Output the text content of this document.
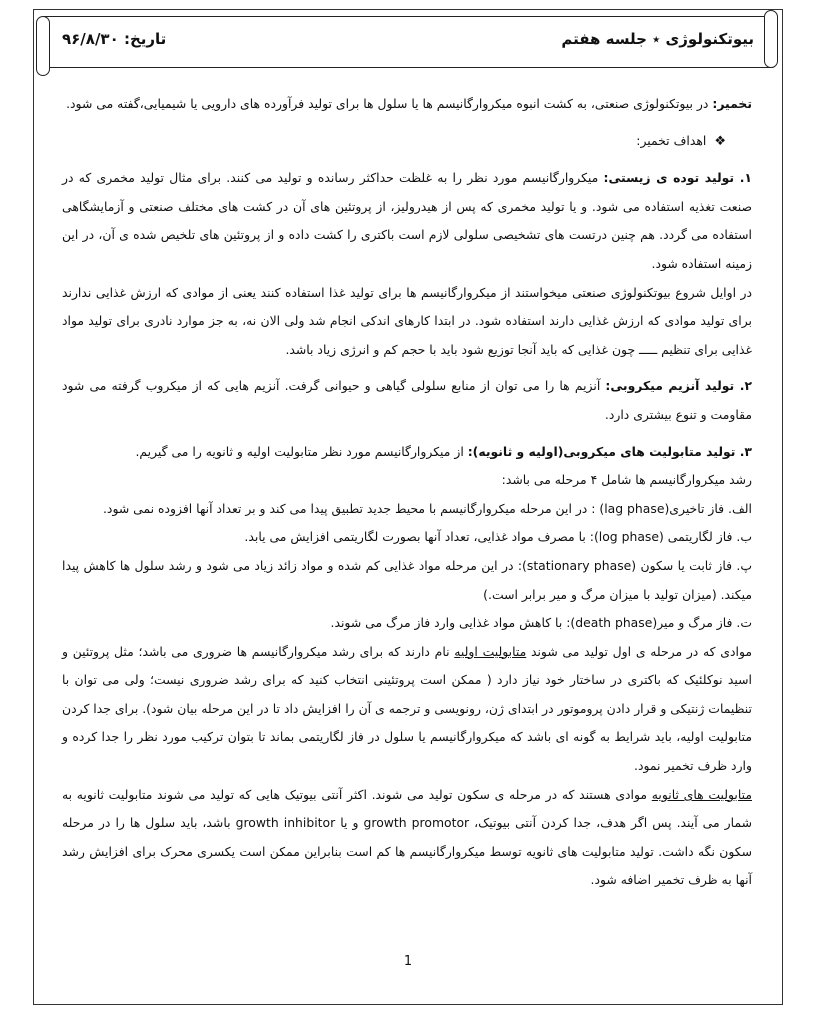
بیوتکنولوژی ٭ جلسه هفتم
تاریخ: ۹۶/۸/۳۰

تخمیر: در بیوتکنولوژی صنعتی، به کشت انبوه میکروارگانیسم ها یا سلول ها برای تولید فرآورده های دارویی یا شیمیایی،گفته می شود.

❖اهداف تخمیر:

۱. تولید توده ی زیستی: میکروارگانیسم مورد نظر را به غلظت حداکثر رسانده و تولید می کنند. برای مثال تولید مخمری که در صنعت تغذیه استفاده می شود. و یا تولید مخمری که پس از هیدرولیز، از پروتئین های آن در کشت های مختلف صنعتی و آزمایشگاهی استفاده می گردد. هم چنین درتست های تشخیصی سلولی لازم است باکتری را کشت داده و از پروتئین های تلخیص شده ی آن، در این زمینه استفاده شود.

در اوایل شروع بیوتکنولوژی صنعتی میخواستند از میکروارگانیسم ها برای تولید غذا استفاده کنند یعنی از موادی که ارزش غذایی ندارند برای تولید موادی که ارزش غذایی دارند استفاده شود. در ابتدا کارهای اندکی انجام شد ولی الان نه، به جز موارد نادری برای تولید مواد غذایی برای تنظیم ـــــ چون غذایی که باید آنجا توزیع شود باید با حجم کم و انرژی زیاد باشد.

۲. تولید آنزیم میکروبی: آنزیم ها را می توان از منابع سلولی گیاهی و حیوانی گرفت. آنزیم هایی که از میکروب گرفته می شود مقاومت و تنوع بیشتری دارد.

۳. تولید متابولیت های میکروبی(اولیه و ثانویه): از میکروارگانیسم مورد نظر متابولیت اولیه و ثانویه را می گیریم.

رشد میکروارگانیسم ها شامل ۴ مرحله می باشد:

الف. فاز تاخیری(lag phase) : در این مرحله میکروارگانیسم با محیط جدید تطبیق پیدا می کند و بر تعداد آنها افزوده نمی شود.

ب. فاز لگاریتمی (log phase): با مصرف مواد غذایی، تعداد آنها بصورت لگاریتمی افزایش می یابد.

پ. فاز ثابت یا سکون (stationary phase): در این مرحله مواد غذایی کم شده و مواد زائد زیاد می شود و رشد سلول ها کاهش پیدا میکند. (میزان تولید با میزان مرگ و میر برابر است.)

ت. فاز مرگ و میر(death phase): با کاهش مواد غذایی وارد فاز مرگ می شوند.

موادی که در مرحله ی اول تولید می شوند متابولیت اولیه نام دارند که برای رشد میکروارگانیسم ها ضروری می باشد؛ مثل پروتئین و اسید نوکلئیک که باکتری در ساختار خود نیاز دارد ( ممکن است پروتئینی انتخاب کنید که برای رشد ضروری نیست؛ ولی می توان با تنظیمات ژنتیکی و قرار دادن پروموتور در ابتدای ژن، رونویسی و ترجمه ی آن را افزایش داد تا در این مرحله بیان شود). برای جدا کردن متابولیت اولیه، باید شرایط به گونه ای باشد که میکروارگانیسم یا سلول در فاز لگاریتمی بماند تا بتوان ترکیب مورد نظر را جدا کرده و وارد ظرف تخمیر نمود.

متابولیت های ثانویه موادی هستند که در مرحله ی سکون تولید می شوند. اکثر آنتی بیوتیک هایی که تولید می شوند متابولیت ثانویه به شمار می آیند. پس اگر هدف، جدا کردن آنتی بیوتیک، growth promotor و یا growth inhibitor باشد، باید سلول ها را در مرحله سکون نگه داشت. تولید متابولیت های ثانویه توسط میکروارگانیسم ها کم است بنابراین ممکن است یکسری محرک برای افزایش رشد آنها به ظرف تخمیر اضافه شود.

1
